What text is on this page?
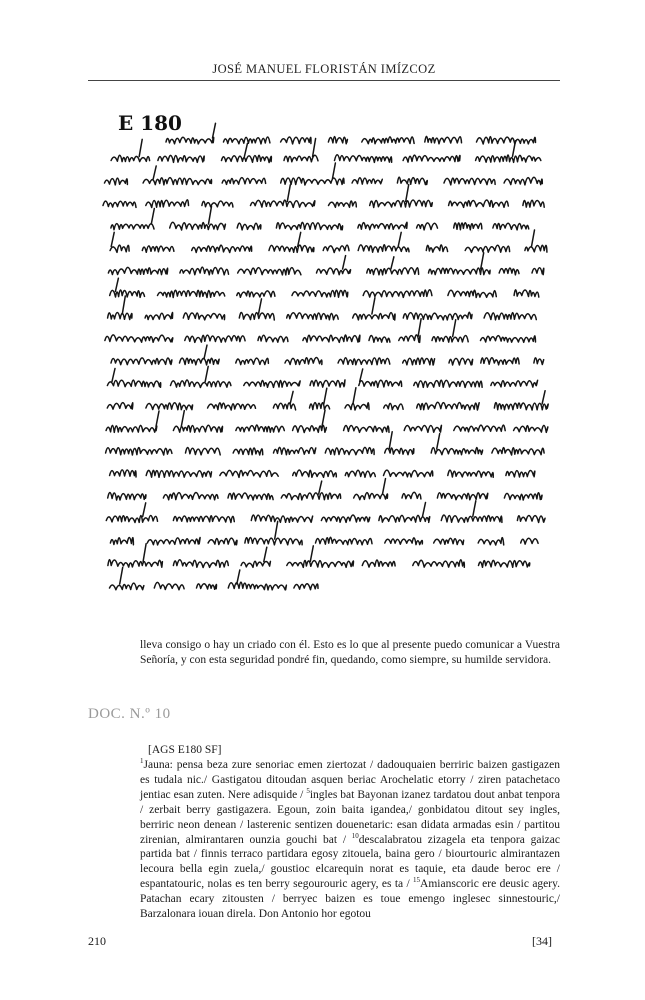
JOSÉ MANUEL FLORISTÁN IMÍZCOZ
E 180
lleva consigo o hay un criado con él. Esto es lo que al presente puedo comunicar a Vuestra Señoría, y con esta seguridad pondré fin, quedando, como siempre, su humilde servidora.
DOC. N.º 10
[AGS E180 SF]

$^1$Jauna: pensa beza zure senoriac emen ziertozat / dadouquaien berriric baizen gastigazen es tudala nic./ Gastigatou ditoudan asquen beriac Arochelatic etorry / ziren patachetaco jentiac esan zuten. Nere adisquide / $^5$ingles bat Bayonan izanez tardatou dout anbat tenpora / zerbait berry gastigazera. Egoun, zoin baita igandea,/ gonbidatou ditout sey ingles, berriric neon denean / lasterenic sentizen douenetaric: esan didata armadas esin / partitou zirenian, almirantaren ounzia gouchi bat / $^{10}$descalabratou zizagela eta tenpora gaizac partida bat / finnis terraco partidara egosy zitouela, baina gero / biourtouric almirantazen lecoura bella egin zuela,/ goustioc elcarequin norat es taquie, eta daude beroc ere / espantatouric, nolas es ten berry segourouric agery, es ta / $^{15}$Amianscoric ere deusic agery. Patachan ecary zitousten / berryec baizen es toue emengo inglesec sinnestouric,/ Barzalonara iouan direla. Don Antonio hor egotou

210	[34]
